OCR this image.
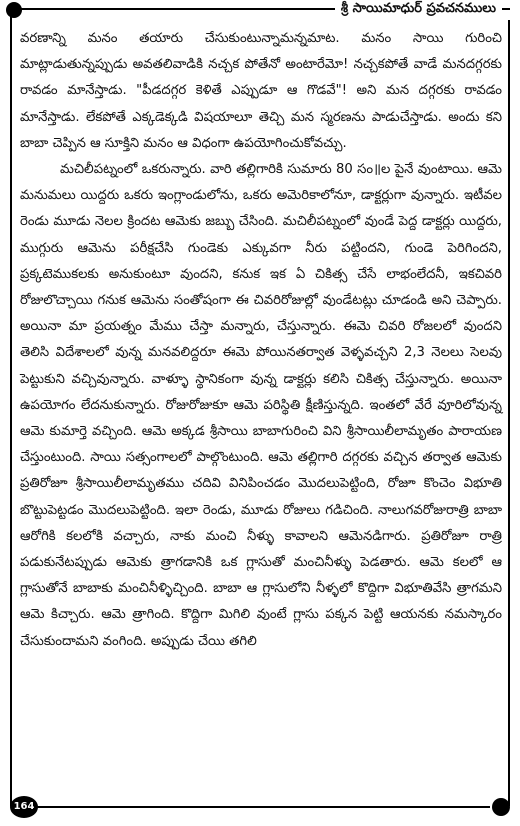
శ్రీ సాయిమాధుర్ ప్రవచనములు

వరణాన్ని మనం తయారు చేసుకుంటున్నామన్నమాట. మనం సాయి గురించి మాట్లాడుతున్నప్పుడు అవతలివాడికి నచ్చక పోతేనో అంటారేమో! నచ్చకపోతే వాడే మనదగ్గరకు రావడం మానేస్తాడు. "పీడదగ్గర కెళితే ఎప్పుడూ ఆ గొడవే"! అని మన దగ్గరకు రావడం మానేస్తాడు. లేకపోతే ఎక్కడెక్కడి విషయాలూ తెచ్చి మన స్మరణను పాడుచేస్తాడు. అందు కని బాబా చెప్పిన ఆ సూక్తిని మనం ఆ విధంగా ఉపయోగించుకోవచ్చు.

మచిలీపట్నంలో ఒకరున్నారు. వారి తల్లిగారికి సుమారు 80 సం॥ల పైనే వుంటాయి. ఆమె మనుమలు యిద్దరు ఒకరు ఇంగ్లాండులోను, ఒకరు అమెరికాలోనూ, డాక్టర్లుగా వున్నారు. ఇటీవల రెండు మూడు నెలల క్రిందట ఆమెకు జబ్బు చేసింది. మచిలీపట్నంలో వుండే పెద్ద డాక్టర్లు యిద్దరు, ముగ్గురు ఆమెను పరీక్షచేసి గుండెకు ఎక్కువగా నీరు పట్టిందని, గుండె పెరిగిందని, ప్రక్కటెముకలకు అనుకుంటూ వుందని, కనుక ఇక ఏ చికిత్స చేసే లాభంలేదనీ, ఇకచివరి రోజులొచ్చాయి గనుక ఆమెను సంతోషంగా ఈ చివరిరోజుల్లో వుండేటట్లు చూడండి అని చెప్పారు. అయినా మా ప్రయత్నం మేము చేస్తా మన్నారు, చేస్తున్నారు. ఈమె చివరి రోజలలో వుందని తెలిసి విదేశాలలో వున్న మనవలిద్దరూ ఈమె పోయినతర్వాత వెళ్ళవచ్చని 2,3 నెలలు సెలవు పెట్టుకుని వచ్చివున్నారు. వాళ్ళూ స్థానికంగా వున్న డాక్టర్లు కలిసి చికిత్స చేస్తున్నారు. అయినా ఉపయోగం లేదనుకున్నారు. రోజురోజుకూ ఆమె పరిస్థితి క్షీణిస్తున్నది. ఇంతలో వేరే వూరిలోవున్న ఆమె కుమార్తె వచ్చింది. ఆమె అక్కడ శ్రీసాయి బాబాగురించి విని శ్రీసాయిలీలామృతం పారాయణ చేస్తుంటుంది. సాయి సత్సంగాలలో పాల్గొంటుంది. ఆమె తల్లిగారి దగ్గరకు వచ్చిన తర్వాత ఆమెకు ప్రతిరోజూ శ్రీసాయిలీలామృతము చదివి వినిపించడం మొదలుపెట్టింది, రోజూ కొంచెం విభూతి బొట్టుపెట్టడం మొదలుపెట్టింది. ఇలా రెండు, మూడు రోజులు గడిచింది. నాలుగవరోజురాత్రి బాబా ఆరోగికి కలలోకి వచ్చారు, నాకు మంచి నీళ్ళు కావాలని ఆమెనడిగారు. ప్రతిరోజూ రాత్రి పడుకునేటప్పుడు ఆమెకు త్రాగడానికి ఒక గ్లాసుతో మంచినీళ్ళు పెడతారు. ఆమె కలలో ఆ గ్లాసుతోనే బాబాకు మంచినీళ్ళిచ్చింది. బాబా ఆ గ్లాసులోని నీళ్ళలో కొద్దిగా విభూతివేసి త్రాగమని ఆమె కిచ్చారు. ఆమె త్రాగింది. కొద్దిగా మిగిలి వుంటే గ్లాసు పక్కన పెట్టి ఆయనకు నమస్కారం చేసుకుందామని వంగింది. అప్పుడు చేయి తగిలి

164
